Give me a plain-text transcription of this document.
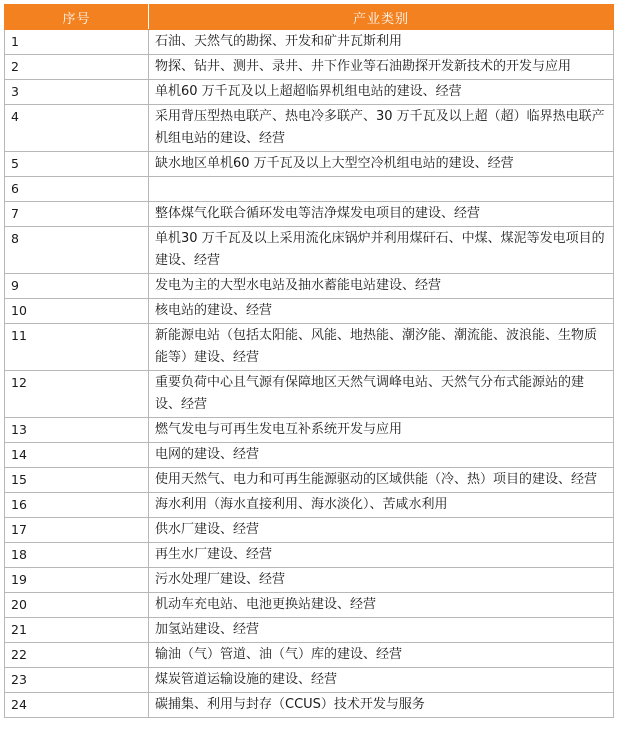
序号	产业类别
1	石油、天然气的勘探、开发和矿井瓦斯利用
2	物探、钻井、测井、录井、井下作业等石油勘探开发新技术的开发与应用
3	单机60 万千瓦及以上超超临界机组电站的建设、经营
4	采用背压型热电联产、热电冷多联产、30 万千瓦及以上超（超）临界热电联产机组电站的建设、经营
5	缺水地区单机60 万千瓦及以上大型空冷机组电站的建设、经营
6	
7	整体煤气化联合循环发电等洁净煤发电项目的建设、经营
8	单机30 万千瓦及以上采用流化床锅炉并利用煤矸石、中煤、煤泥等发电项目的建设、经营
9	发电为主的大型水电站及抽水蓄能电站建设、经营
10	核电站的建设、经营
11	新能源电站（包括太阳能、风能、地热能、潮汐能、潮流能、波浪能、生物质能等）建设、经营
12	重要负荷中心且气源有保障地区天然气调峰电站、天然气分布式能源站的建设、经营
13	燃气发电与可再生发电互补系统开发与应用
14	电网的建设、经营
15	使用天然气、电力和可再生能源驱动的区域供能（冷、热）项目的建设、经营
16	海水利用（海水直接利用、海水淡化）、苦咸水利用
17	供水厂建设、经营
18	再生水厂建设、经营
19	污水处理厂建设、经营
20	机动车充电站、电池更换站建设、经营
21	加氢站建设、经营
22	输油（气）管道、油（气）库的建设、经营
23	煤炭管道运输设施的建设、经营
24	碳捕集、利用与封存（CCUS）技术开发与服务
